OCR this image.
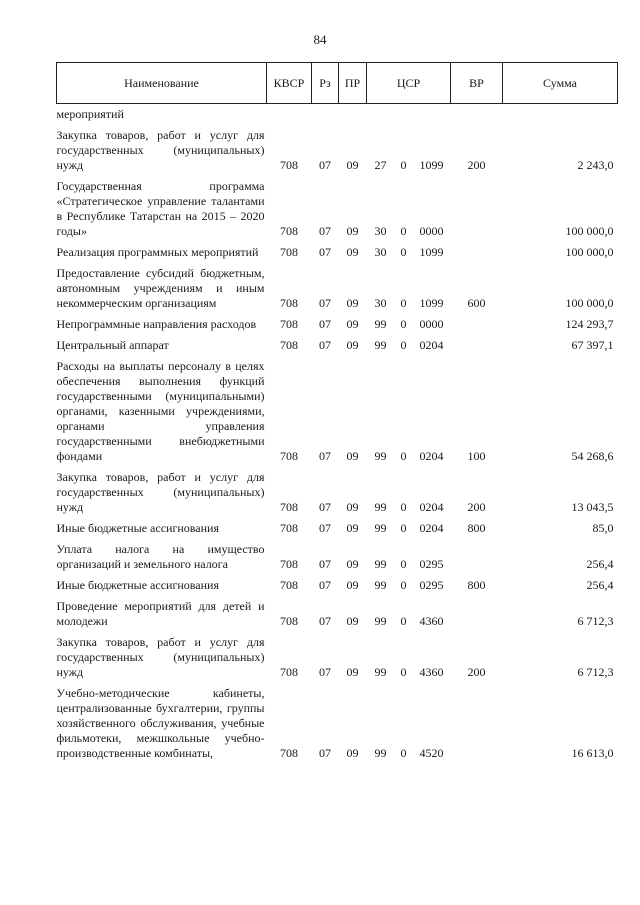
84
Наименование	КВСР	Рз	ПР	ЦСР			ВР	Сумма
мероприятий								
Закупка товаров, работ и услуг для государственных (муниципальных) нужд	708	07	09	27	0	1099	200	2 243,0
Государственная программа «Стратегическое управление талантами в Республике Татарстан на 2015 – 2020 годы»	708	07	09	30	0	0000		100 000,0
Реализация программных мероприятий	708	07	09	30	0	1099		100 000,0
Предоставление субсидий бюджетным, автономным учреждениям и иным некоммерческим организациям	708	07	09	30	0	1099	600	100 000,0
Непрограммные направления расходов	708	07	09	99	0	0000		124 293,7
Центральный аппарат	708	07	09	99	0	0204		67 397,1
Расходы на выплаты персоналу в целях обеспечения выполнения функций государственными (муниципальными) органами, казенными учреждениями, органами управления государственными внебюджетными фондами	708	07	09	99	0	0204	100	54 268,6
Закупка товаров, работ и услуг для государственных (муниципальных) нужд	708	07	09	99	0	0204	200	13 043,5
Иные бюджетные ассигнования	708	07	09	99	0	0204	800	85,0
Уплата налога на имущество организаций и земельного налога	708	07	09	99	0	0295		256,4
Иные бюджетные ассигнования	708	07	09	99	0	0295	800	256,4
Проведение мероприятий для детей и молодежи	708	07	09	99	0	4360		6 712,3
Закупка товаров, работ и услуг для государственных (муниципальных) нужд	708	07	09	99	0	4360	200	6 712,3
Учебно-методические кабинеты, централизованные бухгалтерии, группы хозяйственного обслуживания, учебные фильмотеки, межшкольные учебно-производственные комбинаты,	708	07	09	99	0	4520		16 613,0
